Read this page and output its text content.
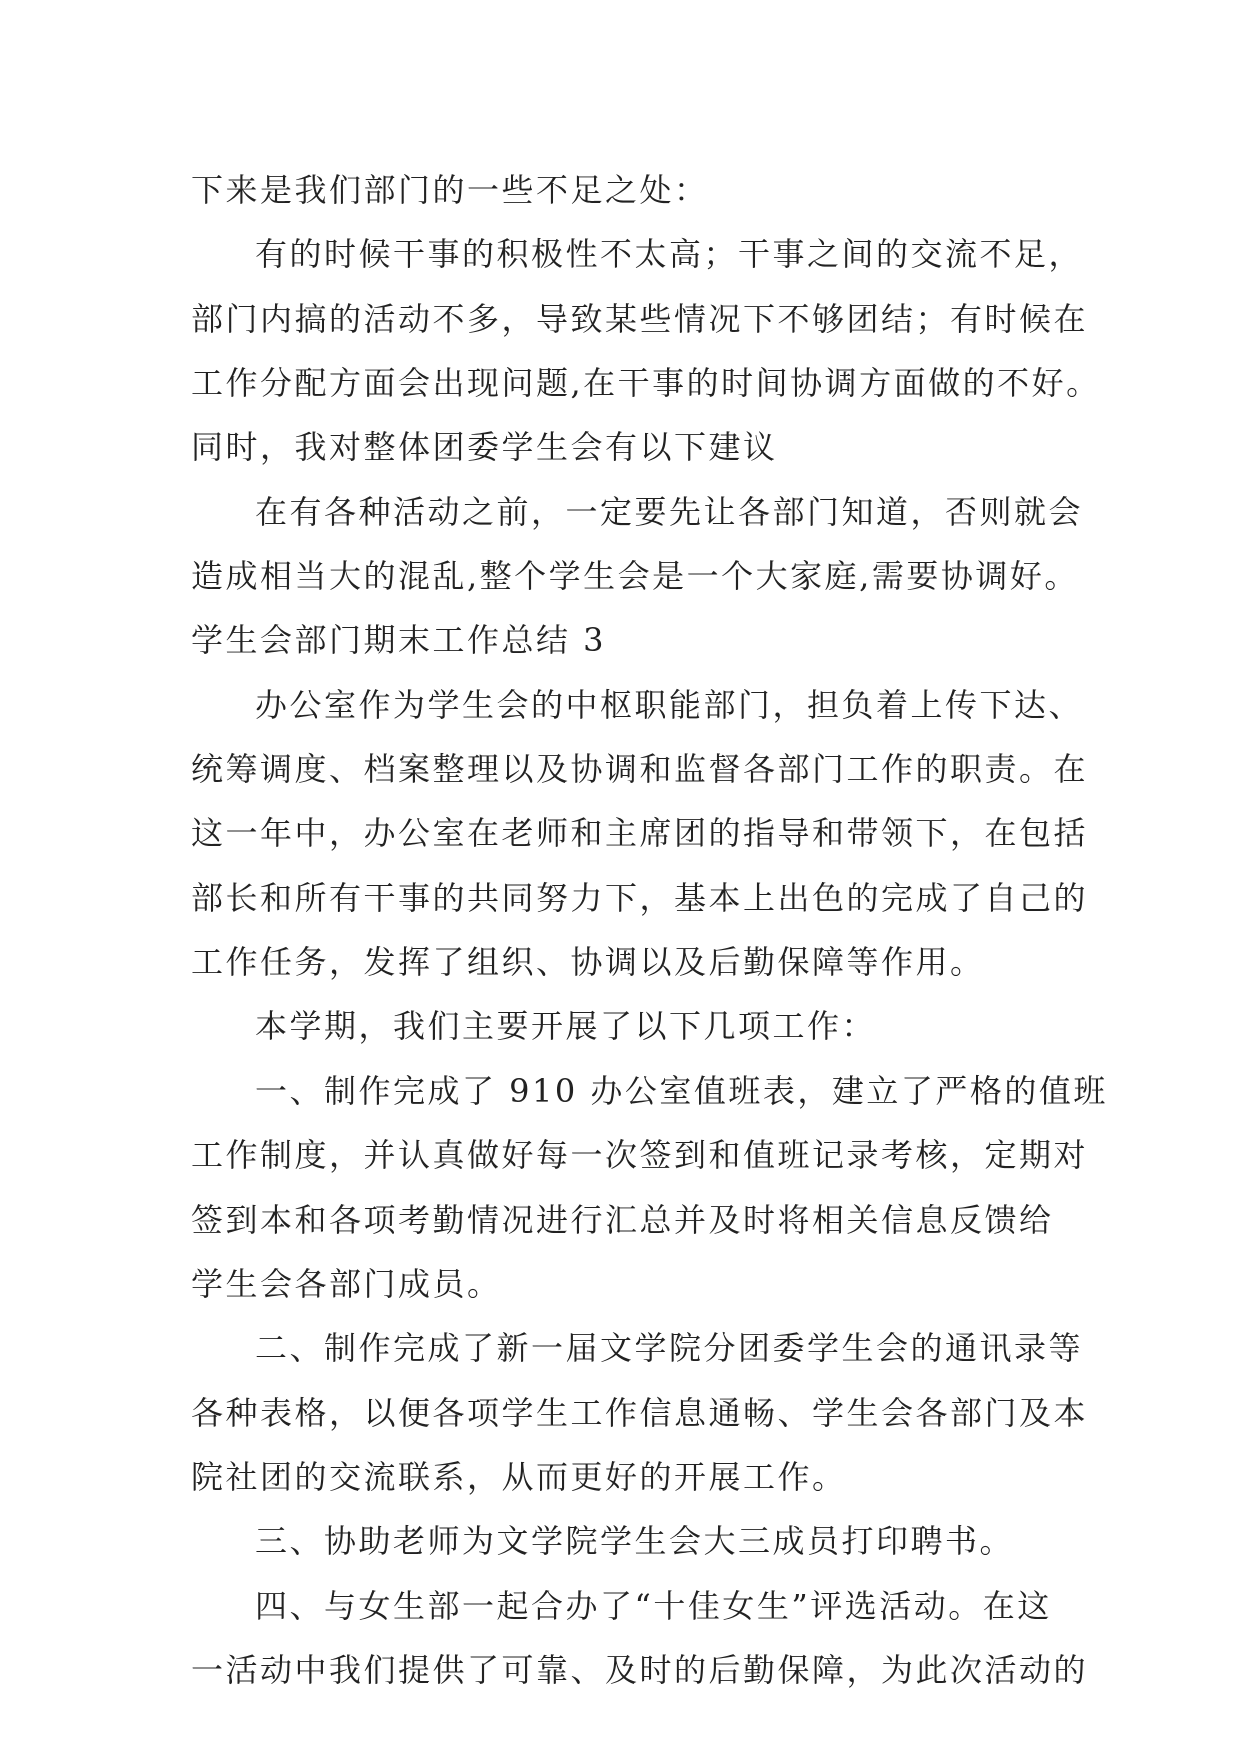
下来是我们部门的一些不足之处：
有的时候干事的积极性不太高；干事之间的交流不足，
部门内搞的活动不多，导致某些情况下不够团结；有时候在
工作分配方面会出现问题,在干事的时间协调方面做的不好。
同时，我对整体团委学生会有以下建议
在有各种活动之前，一定要先让各部门知道，否则就会
造成相当大的混乱,整个学生会是一个大家庭,需要协调好。
学生会部门期末工作总结 3
办公室作为学生会的中枢职能部门，担负着上传下达、
统筹调度、档案整理以及协调和监督各部门工作的职责。在
这一年中，办公室在老师和主席团的指导和带领下，在包括
部长和所有干事的共同努力下，基本上出色的完成了自己的
工作任务，发挥了组织、协调以及后勤保障等作用。
本学期，我们主要开展了以下几项工作：
一、制作完成了 910 办公室值班表，建立了严格的值班
工作制度，并认真做好每一次签到和值班记录考核，定期对
签到本和各项考勤情况进行汇总并及时将相关信息反馈给
学生会各部门成员。
二、制作完成了新一届文学院分团委学生会的通讯录等
各种表格，以便各项学生工作信息通畅、学生会各部门及本
院社团的交流联系，从而更好的开展工作。
三、协助老师为文学院学生会大三成员打印聘书。
四、与女生部一起合办了“十佳女生”评选活动。在这
一活动中我们提供了可靠、及时的后勤保障，为此次活动的
